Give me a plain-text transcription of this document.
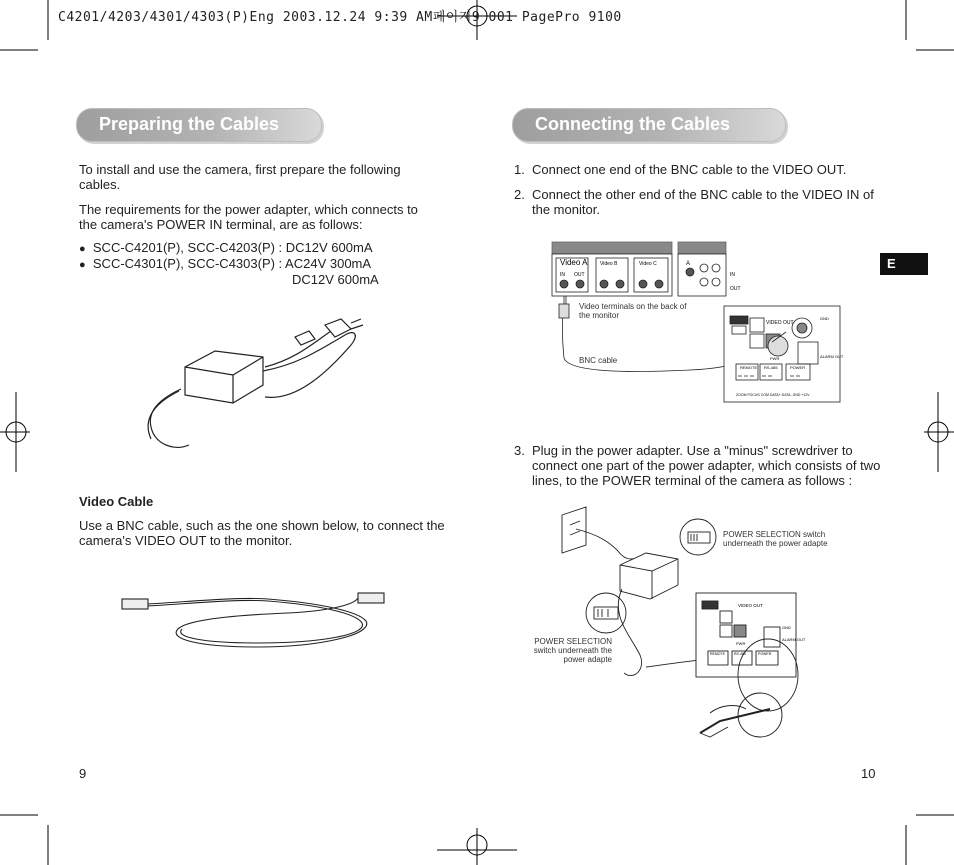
C4201/4203/4301/4303(P)Eng 2003.12.24 9:39 AM페이지9 001 PagePro 9100
Preparing the Cables
To install and use the camera, first prepare the following cables.
The requirements for the power adapter, which connects to the camera's POWER IN terminal, are as follows:
● SCC-C4201(P), SCC-C4203(P) : DC12V 600mA
● SCC-C4301(P), SCC-C4303(P) : AC24V 300mA
DC12V 600mA
Video Cable
Use a BNC cable, such as the one shown below, to connect the camera's VIDEO OUT to the monitor.
9
Connecting the Cables
E
1. Connect one end of the BNC cable to the VIDEO OUT.
2. Connect the other end of the BNC cable to the VIDEO IN of the monitor.
Video A	Video B	Video C	A
IN OUT	IN
OUT
VIDEO OUT
PWR
GND
ALARM OUT
REMOTE RS-485	POWER
ZOOM FOCUS COM DATA+ DATA- GND +12V
Video terminals on the back of the monitor
BNC cable
3. Plug in the power adapter. Use a "minus" screwdriver to connect one part of the power adapter, which consists of two lines, to the POWER terminal of the camera as follows :
VIDEO OUT
PWR
GND
ALARM OUT
REMOTE	RS-485	POWER
POWER SELECTION switch underneath the power adapte
POWER SELECTION switch underneath the power adapte
10
